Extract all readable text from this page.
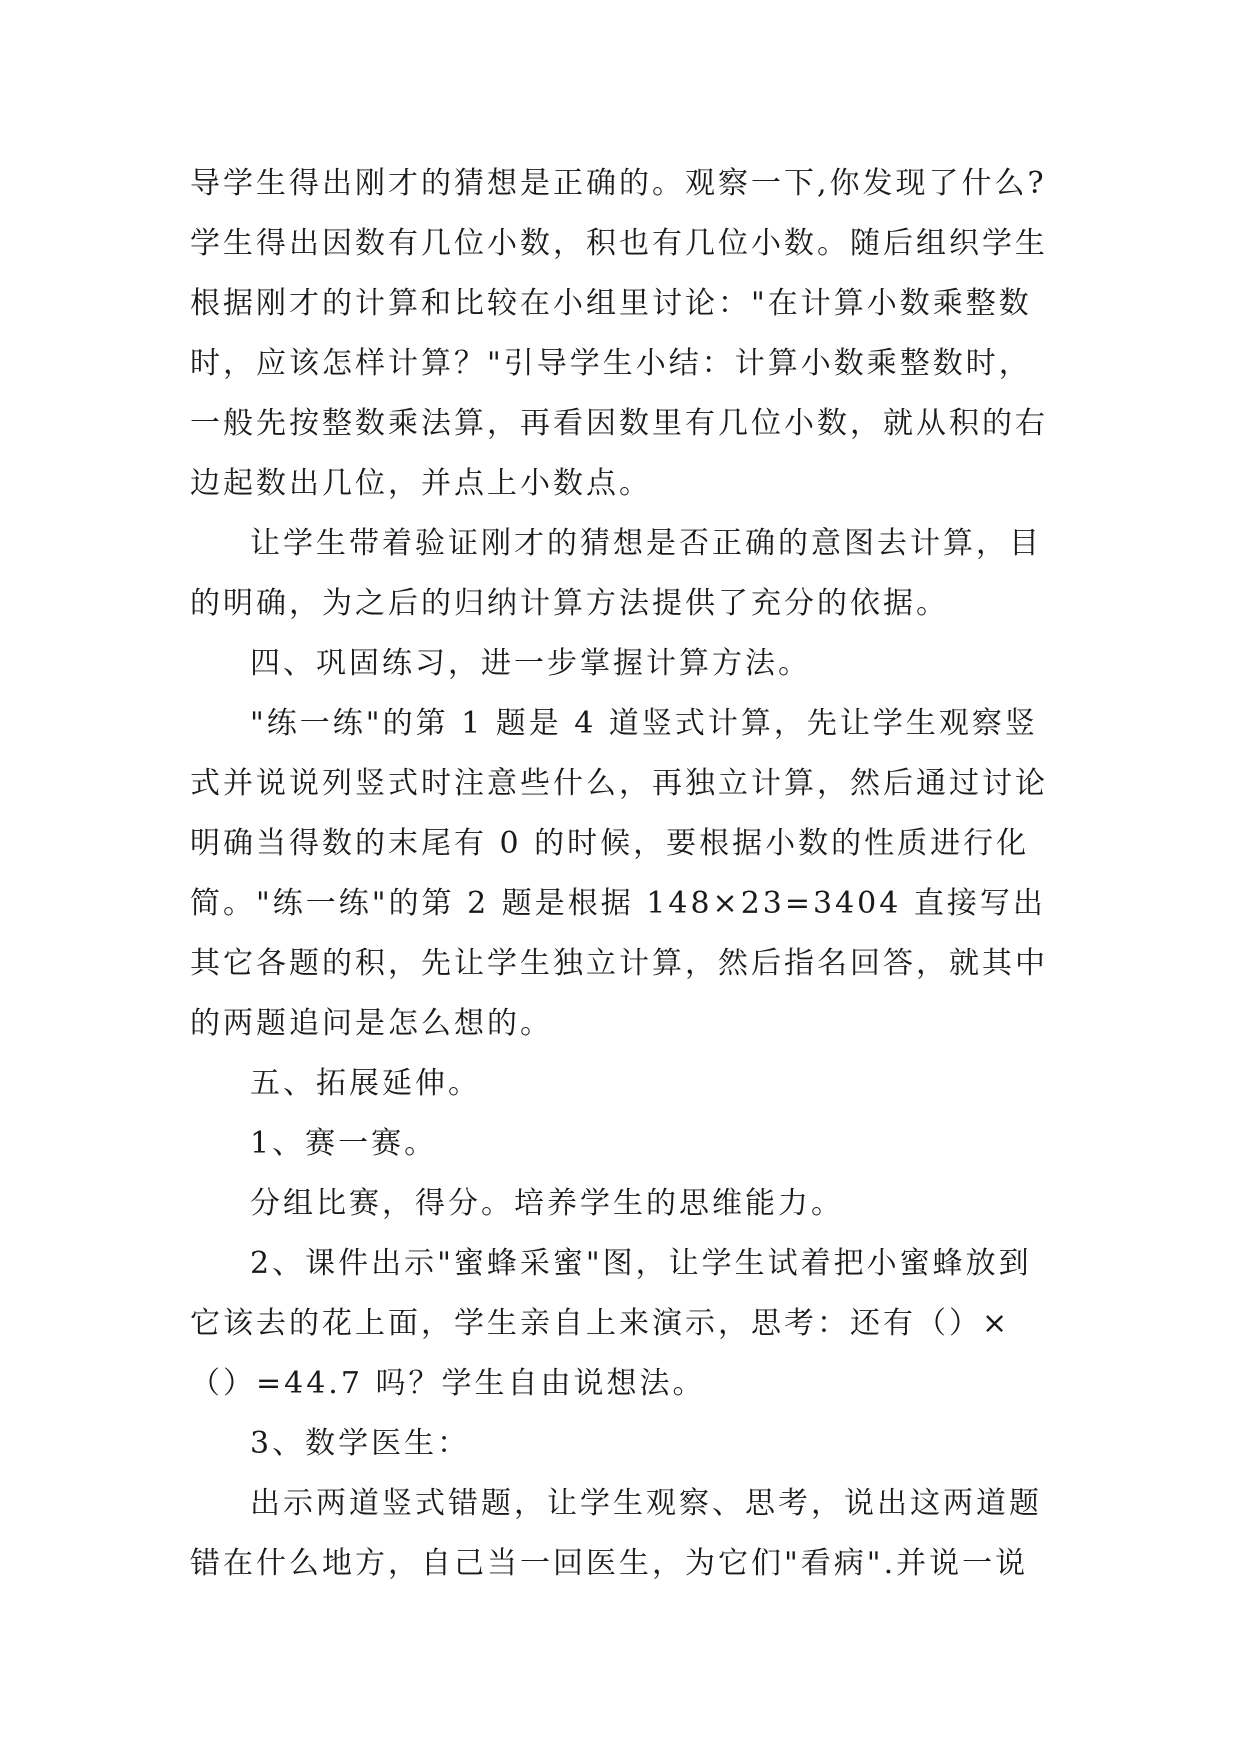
导学生得出刚才的猜想是正确的。观察一下,你发现了什么?学生得出因数有几位小数，积也有几位小数。随后组织学生根据刚才的计算和比较在小组里讨论："在计算小数乘整数时，应该怎样计算？"引导学生小结：计算小数乘整数时，一般先按整数乘法算，再看因数里有几位小数，就从积的右边起数出几位，并点上小数点。

让学生带着验证刚才的猜想是否正确的意图去计算，目的明确，为之后的归纳计算方法提供了充分的依据。

四、巩固练习，进一步掌握计算方法。

"练一练"的第 1 题是 4 道竖式计算，先让学生观察竖式并说说列竖式时注意些什么，再独立计算，然后通过讨论明确当得数的末尾有 0 的时候，要根据小数的性质进行化简。"练一练"的第 2 题是根据 148×23=3404 直接写出其它各题的积，先让学生独立计算，然后指名回答，就其中的两题追问是怎么想的。

五、拓展延伸。

1、赛一赛。

分组比赛，得分。培养学生的思维能力。

2、课件出示"蜜蜂采蜜"图，让学生试着把小蜜蜂放到它该去的花上面，学生亲自上来演示，思考：还有（）×（）=44.7 吗？学生自由说想法。

3、数学医生：

出示两道竖式错题，让学生观察、思考，说出这两道题错在什么地方，自己当一回医生，为它们"看病".并说一说
